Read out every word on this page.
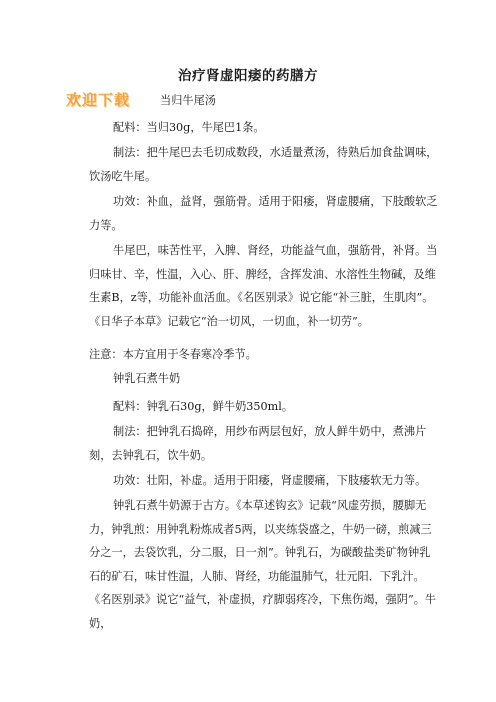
治疗肾虚阳痿的药膳方
欢迎下载	当归牛尾汤
配料：当归30g，牛尾巴1条。
制法：把牛尾巴去毛切成数段，水适量煮汤，待熟后加食盐调味，饮汤吃牛尾。
功效：补血，益肾，强筋骨。适用于阳痿，肾虚腰痛，下肢酸软乏力等。
牛尾巴，味苦性平，入脾、肾经，功能益气血，强筋骨，补肾。当归味甘、辛，性温，入心、肝、脾经，含挥发油、水溶性生物碱，及维生素B，z等，功能补血活血。《名医别录》说它能“补三脏，生肌肉”。《日华子本草》记载它“治一切风，一切血，补一切劳”。
注意：本方宜用于冬春寒冷季节。
钟乳石煮牛奶
配料：钟乳石30g，鲜牛奶350ml。
制法：把钟乳石捣碎，用纱布两层包好，放人鲜牛奶中，煮沸片刻，去钟乳石，饮牛奶。
功效：壮阳，补虚。适用于阳痿，肾虚腰痛，下肢痿软无力等。
钟乳石煮牛奶源于古方。《本草述钩玄》记载“风虚劳损，腰脚无力，钟乳煎：用钟乳粉炼成者5两，以夹练袋盛之，牛奶一磅，煎减三分之一，去袋饮乳，分二服，日一剂”。钟乳石，为碳酸盐类矿物钟乳石的矿石，味甘性温，人肺、肾经，功能温肺气，壮元阳．下乳汁。《名医别录》说它“益气，补虚损，疗脚弱疼冷，下焦伤竭，强阴”。牛奶，
